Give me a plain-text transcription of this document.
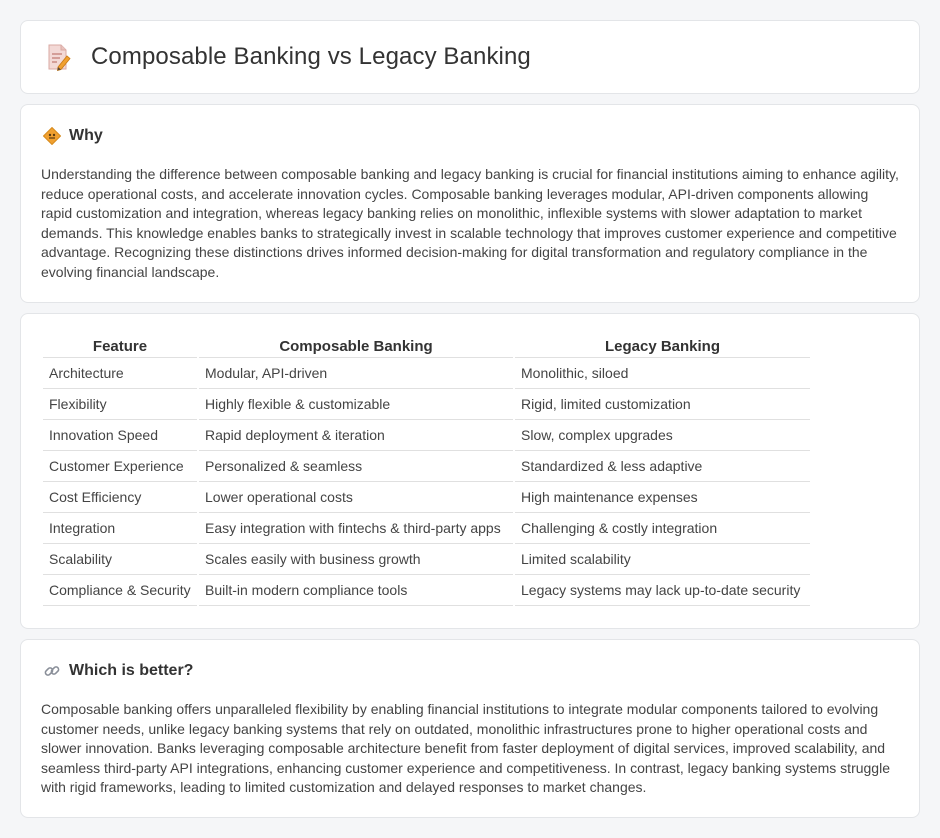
Composable Banking vs Legacy Banking
Why

Understanding the difference between composable banking and legacy banking is crucial for financial institutions aiming to enhance agility, reduce operational costs, and accelerate innovation cycles. Composable banking leverages modular, API-driven components allowing rapid customization and integration, whereas legacy banking relies on monolithic, inflexible systems with slower adaptation to market demands. This knowledge enables banks to strategically invest in scalable technology that improves customer experience and competitive advantage. Recognizing these distinctions drives informed decision-making for digital transformation and regulatory compliance in the evolving financial landscape.

Feature	Composable Banking	Legacy Banking
Architecture	Modular, API-driven	Monolithic, siloed
Flexibility	Highly flexible & customizable	Rigid, limited customization
Innovation Speed	Rapid deployment & iteration	Slow, complex upgrades
Customer Experience	Personalized & seamless	Standardized & less adaptive
Cost Efficiency	Lower operational costs	High maintenance expenses
Integration	Easy integration with fintechs & third-party apps	Challenging & costly integration
Scalability	Scales easily with business growth	Limited scalability
Compliance & Security	Built-in modern compliance tools	Legacy systems may lack up-to-date security
Which is better?

Composable banking offers unparalleled flexibility by enabling financial institutions to integrate modular components tailored to evolving customer needs, unlike legacy banking systems that rely on outdated, monolithic infrastructures prone to higher operational costs and slower innovation. Banks leveraging composable architecture benefit from faster deployment of digital services, improved scalability, and seamless third-party API integrations, enhancing customer experience and competitiveness. In contrast, legacy banking systems struggle with rigid frameworks, leading to limited customization and delayed responses to market changes.
